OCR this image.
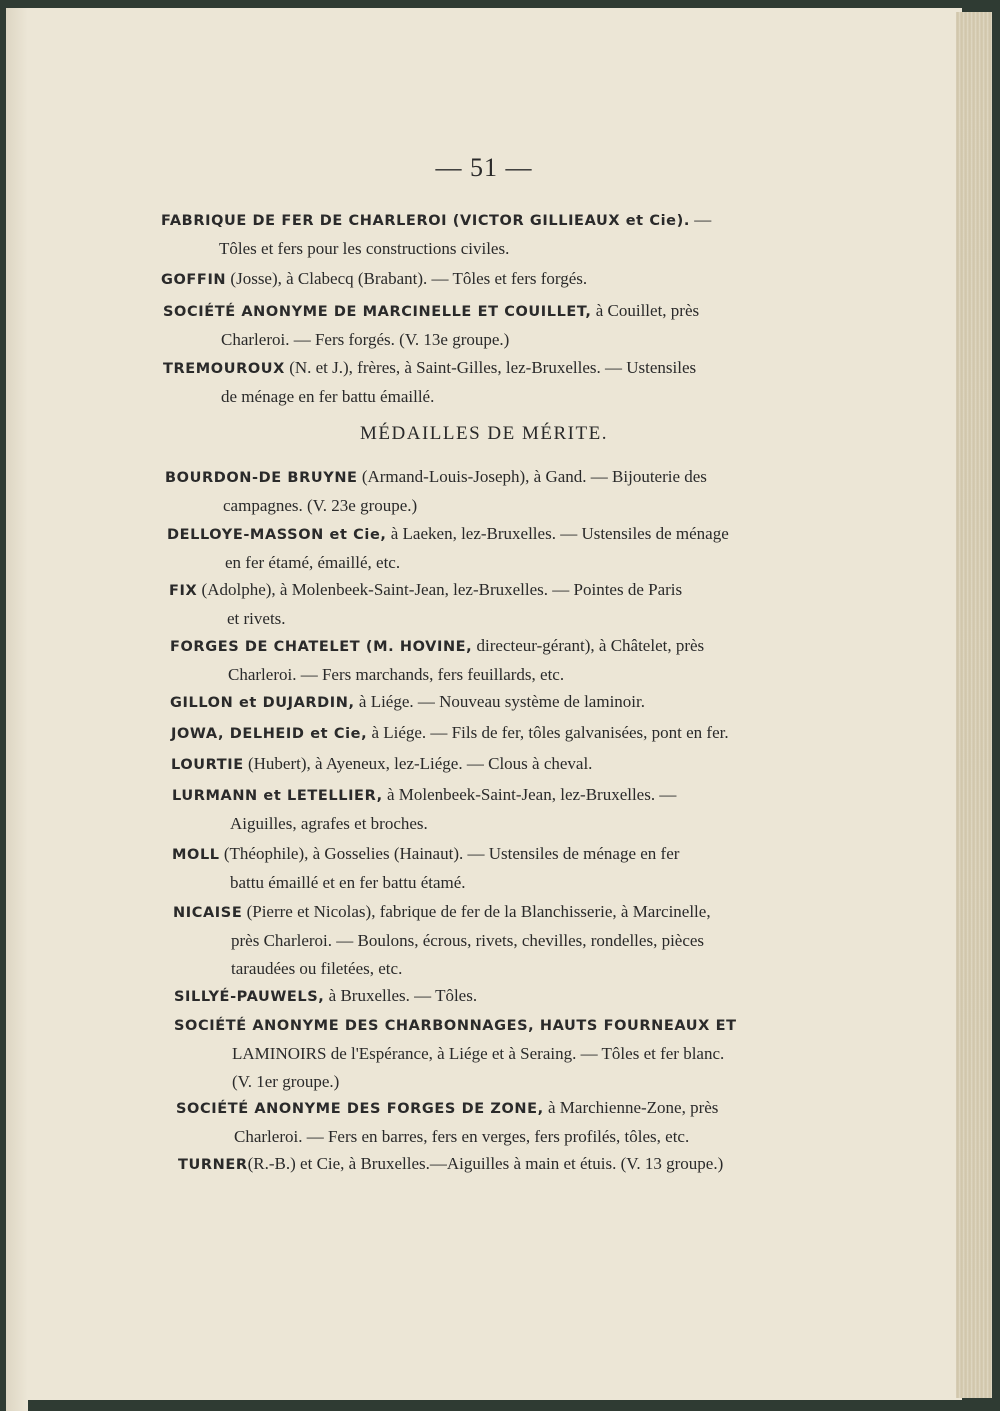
— 51 —
FABRIQUE DE FER DE CHARLEROI (VICTOR GILLIEAUX et Cie). —
Tôles et fers pour les constructions civiles.
GOFFIN (Josse), à Clabecq (Brabant). — Tôles et fers forgés.
SOCIÉTÉ ANONYME DE MARCINELLE ET COUILLET, à Couillet, près
Charleroi. — Fers forgés. (V. 13e groupe.)
TREMOUROUX (N. et J.), frères, à Saint-Gilles, lez-Bruxelles. — Ustensiles
de ménage en fer battu émaillé.
MÉDAILLES DE MÉRITE.
BOURDON-DE BRUYNE (Armand-Louis-Joseph), à Gand. — Bijouterie des
campagnes. (V. 23e groupe.)
DELLOYE-MASSON et Cie, à Laeken, lez-Bruxelles. — Ustensiles de ménage
en fer étamé, émaillé, etc.
FIX (Adolphe), à Molenbeek-Saint-Jean, lez-Bruxelles. — Pointes de Paris
et rivets.
FORGES DE CHATELET (M. HOVINE, directeur-gérant), à Châtelet, près
Charleroi. — Fers marchands, fers feuillards, etc.
GILLON et DUJARDIN, à Liége. — Nouveau système de laminoir.
JOWA, DELHEID et Cie, à Liége. — Fils de fer, tôles galvanisées, pont en fer.
LOURTIE (Hubert), à Ayeneux, lez-Liége. — Clous à cheval.
LURMANN et LETELLIER, à Molenbeek-Saint-Jean, lez-Bruxelles. —
Aiguilles, agrafes et broches.
MOLL (Théophile), à Gosselies (Hainaut). — Ustensiles de ménage en fer
battu émaillé et en fer battu étamé.
NICAISE (Pierre et Nicolas), fabrique de fer de la Blanchisserie, à Marcinelle,
près Charleroi. — Boulons, écrous, rivets, chevilles, rondelles, pièces
taraudées ou filetées, etc.
SILLYÉ-PAUWELS, à Bruxelles. — Tôles.
SOCIÉTÉ ANONYME DES CHARBONNAGES, HAUTS FOURNEAUX ET
LAMINOIRS de l'Espérance, à Liége et à Seraing. — Tôles et fer blanc.
(V. 1er groupe.)
SOCIÉTÉ ANONYME DES FORGES DE ZONE, à Marchienne-Zone, près
Charleroi. — Fers en barres, fers en verges, fers profilés, tôles, etc.
TURNER(R.-B.) et Cie, à Bruxelles.—Aiguilles à main et étuis. (V. 13 groupe.)
